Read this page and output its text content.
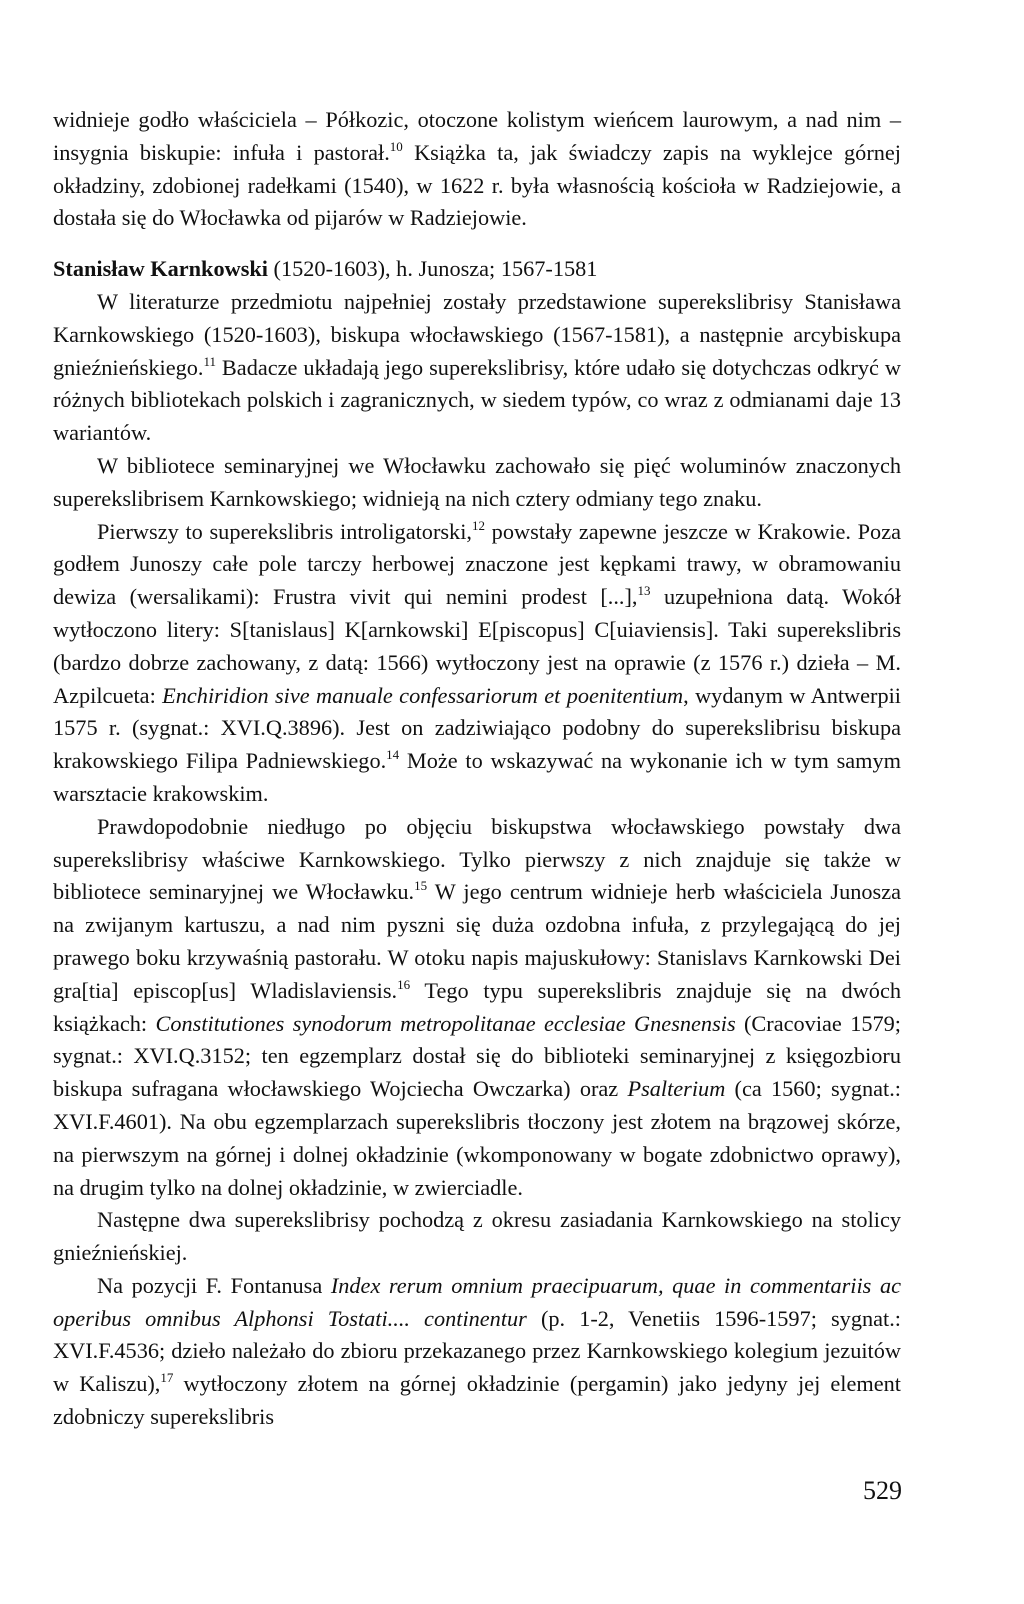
widnieje godło właściciela – Półkozic, otoczone kolistym wieńcem laurowym, a nad nim – insygnia biskupie: infuła i pastorał.$^{10}$ Książka ta, jak świadczy zapis na wyklejce górnej okładziny, zdobionej radełkami (1540), w 1622 r. była własnością kościoła w Radziejowie, a dostała się do Włocławka od pijarów w Radziejowie.

Stanisław Karnkowski (1520-1603), h. Junosza; 1567-1581

W literaturze przedmiotu najpełniej zostały przedstawione superekslibrisy Stanisława Karnkowskiego (1520-1603), biskupa włocławskiego (1567-1581), a następnie arcybiskupa gnieźnieńskiego.$^{11}$ Badacze układają jego superekslibrisy, które udało się dotychczas odkryć w różnych bibliotekach polskich i zagranicznych, w siedem typów, co wraz z odmianami daje 13 wariantów.

W bibliotece seminaryjnej we Włocławku zachowało się pięć woluminów znaczonych superekslibrisem Karnkowskiego; widnieją na nich cztery odmiany tego znaku.

Pierwszy to superekslibris introligatorski,$^{12}$ powstały zapewne jeszcze w Krakowie. Poza godłem Junoszy całe pole tarczy herbowej znaczone jest kępkami trawy, w obramowaniu dewiza (wersalikami): Frustra vivit qui nemini prodest [...],$^{13}$ uzupełniona datą. Wokół wytłoczono litery: S[tanislaus] K[arnkowski] E[piscopus] C[uiaviensis]. Taki superekslibris (bardzo dobrze zachowany, z datą: 1566) wytłoczony jest na oprawie (z 1576 r.) dzieła – M. Azpilcueta: Enchiridion sive manuale confessariorum et poenitentium, wydanym w Antwerpii 1575 r. (sygnat.: XVI.Q.3896). Jest on zadziwiająco podobny do superekslibrisu biskupa krakowskiego Filipa Padniewskiego.$^{14}$ Może to wskazywać na wykonanie ich w tym samym warsztacie krakowskim.

Prawdopodobnie niedługo po objęciu biskupstwa włocławskiego powstały dwa superekslibrisy właściwe Karnkowskiego. Tylko pierwszy z nich znajduje się także w bibliotece seminaryjnej we Włocławku.$^{15}$ W jego centrum widnieje herb właściciela Junosza na zwijanym kartuszu, a nad nim pyszni się duża ozdobna infuła, z przylegającą do jej prawego boku krzywaśnią pastorału. W otoku napis majuskułowy: Stanislavs Karnkowski Dei gra[tia] episcop[us] Wladislaviensis.$^{16}$ Tego typu superekslibris znajduje się na dwóch książkach: Constitutiones synodorum metropolitanae ecclesiae Gnesnensis (Cracoviae 1579; sygnat.: XVI.Q.3152; ten egzemplarz dostał się do biblioteki seminaryjnej z księgozbioru biskupa sufragana włocławskiego Wojciecha Owczarka) oraz Psalterium (ca 1560; sygnat.: XVI.F.4601). Na obu egzemplarzach superekslibris tłoczony jest złotem na brązowej skórze, na pierwszym na górnej i dolnej okładzinie (wkomponowany w bogate zdobnictwo oprawy), na drugim tylko na dolnej okładzinie, w zwierciadle.

Następne dwa superekslibrisy pochodzą z okresu zasiadania Karnkowskiego na stolicy gnieźnieńskiej.

Na pozycji F. Fontanusa Index rerum omnium praecipuarum, quae in commentariis ac operibus omnibus Alphonsi Tostati.... continentur (p. 1-2, Venetiis 1596-1597; sygnat.: XVI.F.4536; dzieło należało do zbioru przekazanego przez Karnkowskiego kolegium jezuitów w Kaliszu),$^{17}$ wytłoczony złotem na górnej okładzinie (pergamin) jako jedyny jej element zdobniczy superekslibris

529
